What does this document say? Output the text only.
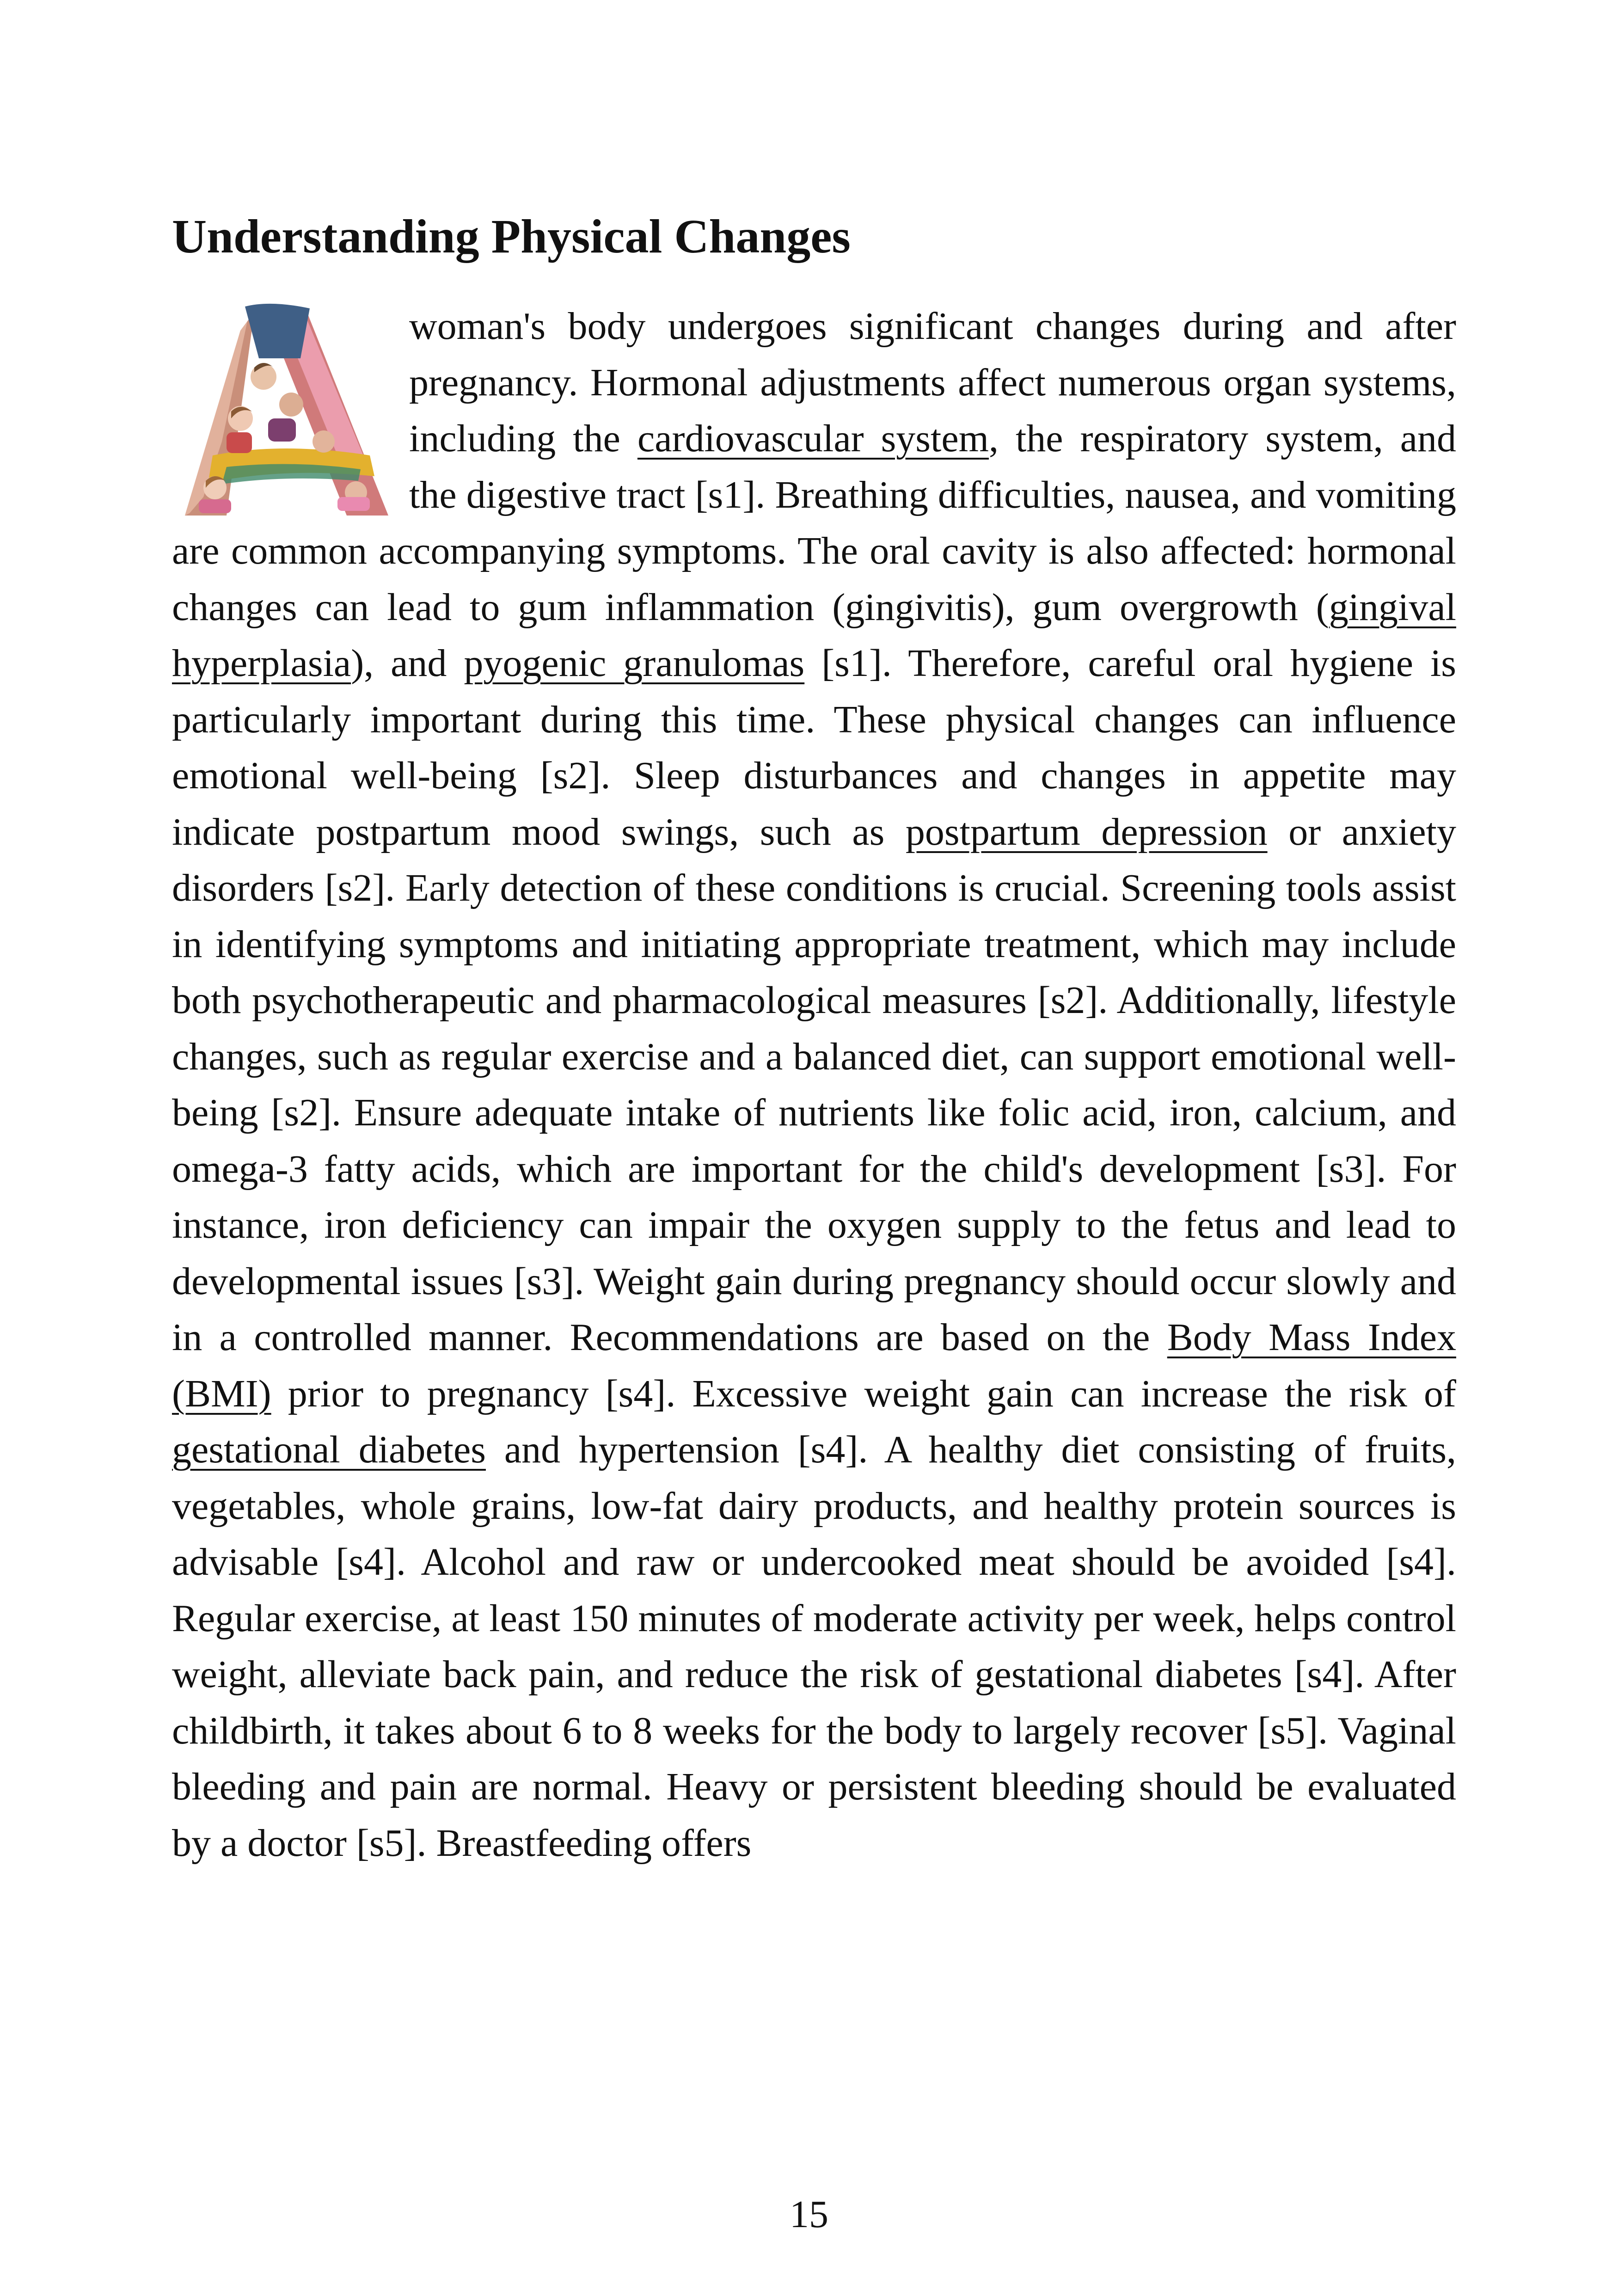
Understanding Physical Changes
woman's body undergoes significant changes during and after pregnancy. Hormonal adjustments affect numerous organ systems, including the cardiovascular system, the respiratory system, and the digestive tract [s1]. Breathing difficulties, nausea, and vomiting are common accompanying symptoms. The oral cavity is also affected: hormonal changes can lead to gum inflammation (gingivitis), gum overgrowth (gingival hyperplasia), and pyogenic granulomas [s1]. Therefore, careful oral hygiene is particularly important during this time. These physical changes can influence emotional well-being [s2]. Sleep disturbances and changes in appetite may indicate postpartum mood swings, such as postpartum depression or anxiety disorders [s2]. Early detection of these conditions is crucial. Screening tools assist in identifying symptoms and initiating appropriate treatment, which may include both psychotherapeutic and pharmacological measures [s2]. Additionally, lifestyle changes, such as regular exercise and a balanced diet, can support emotional well-being [s2]. Ensure adequate intake of nutrients like folic acid, iron, calcium, and omega-3 fatty acids, which are important for the child's development [s3]. For instance, iron deficiency can impair the oxygen supply to the fetus and lead to developmental issues [s3]. Weight gain during pregnancy should occur slowly and in a controlled manner. Recommendations are based on the Body Mass Index (BMI) prior to pregnancy [s4]. Excessive weight gain can increase the risk of gestational diabetes and hypertension [s4]. A healthy diet consisting of fruits, vegetables, whole grains, low-fat dairy products, and healthy protein sources is advisable [s4]. Alcohol and raw or undercooked meat should be avoided [s4]. Regular exercise, at least 150 minutes of moderate activity per week, helps control weight, alleviate back pain, and reduce the risk of gestational diabetes [s4]. After childbirth, it takes about 6 to 8 weeks for the body to largely recover [s5]. Vaginal bleeding and pain are normal. Heavy or persistent bleeding should be evaluated by a doctor [s5]. Breastfeeding offers
15
